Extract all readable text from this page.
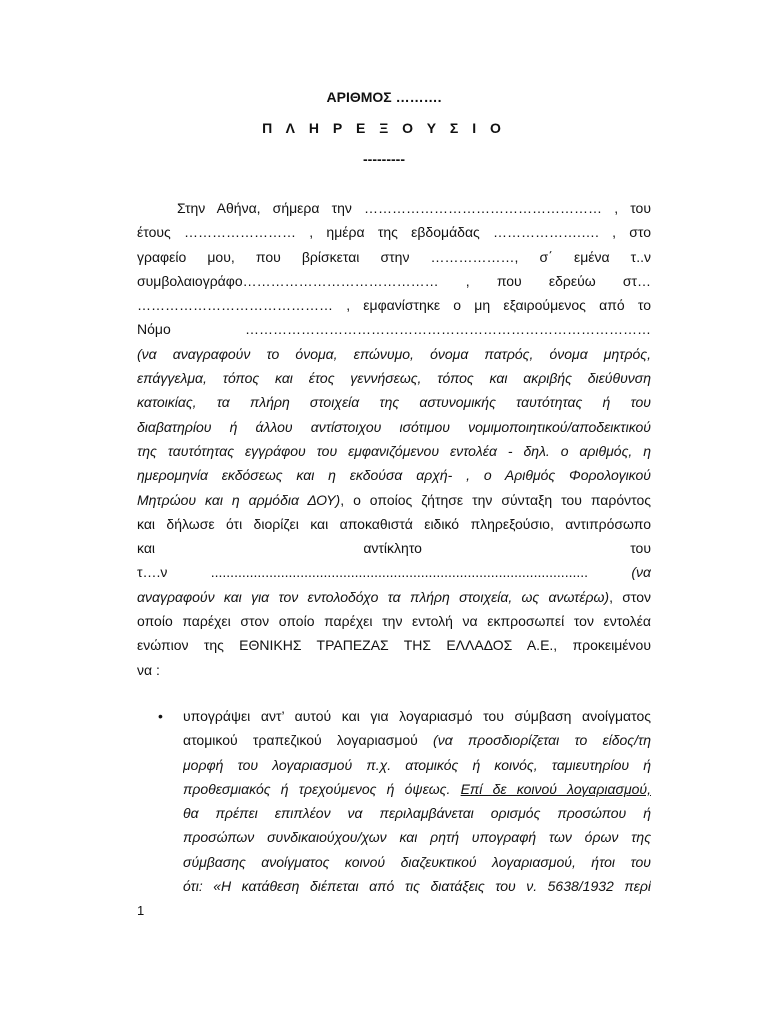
ΑΡΙΘΜΟΣ ……….
Π Λ Η Ρ Ε Ξ Ο Υ Σ Ι Ο
---------
Στην Αθήνα, σήμερα την …………………………………………… , του
έτους …………………… , ημέρα της εβδομάδας ……………….…. , στο
γραφείο μου, που βρίσκεται στην ………………, σ΄ εμένα τ..ν
συμβολαιογράφο…………………………………… , που εδρεύω στ…
…………………………………… , εμφανίστηκε ο μη εξαιρούμενος από το
Νόμο ……………………………………………………………………………
(να αναγραφούν το όνομα, επώνυμο, όνομα πατρός, όνομα μητρός,
επάγγελμα, τόπος και έτος γεννήσεως, τόπος και ακριβής διεύθυνση
κατοικίας, τα πλήρη στοιχεία της αστυνομικής ταυτότητας ή του
διαβατηρίου ή άλλου αντίστοιχου ισότιμου νομιμοποιητικού/αποδεικτικού
της ταυτότητας εγγράφου του εμφανιζόμενου εντολέα - δηλ. ο αριθμός, η
ημερομηνία εκδόσεως και η εκδούσα αρχή- , ο Αριθμός Φορολογικού
Μητρώου και η αρμόδια ΔΟΥ), ο οποίος ζήτησε την σύνταξη του παρόντος
και δήλωσε ότι διορίζει και αποκαθιστά ειδικό πληρεξούσιο, αντιπρόσωπο
και	αντίκλητο	του
τ….ν	.................................................................................................	(να
αναγραφούν και για τον εντολοδόχο τα πλήρη στοιχεία, ως ανωτέρω), στον
οποίο παρέχει στον οποίο παρέχει την εντολή να εκπροσωπεί τον εντολέα
ενώπιον της ΕΘΝΙΚΗΣ ΤΡΑΠΕΖΑΣ ΤΗΣ ΕΛΛΑΔΟΣ Α.Ε., προκειμένου
να :
• υπογράψει αντ’ αυτού και για λογαριασμό του σύμβαση ανοίγματος
ατομικού τραπεζικού λογαριασμού (να προσδιορίζεται το είδος/τη
μορφή του λογαριασμού π.χ. ατομικός ή κοινός, ταμιευτηρίου ή
προθεσμιακός ή τρεχούμενος ή όψεως. Επί δε κοινού λογαριασμού,
θα πρέπει επιπλέον να περιλαμβάνεται ορισμός προσώπου ή
προσώπων συνδικαιούχου/χων και ρητή υπογραφή των όρων της
σύμβασης ανοίγματος κοινού διαζευκτικού λογαριασμού, ήτοι του
ότι: «Η κατάθεση διέπεται από τις διατάξεις του ν. 5638/1932 περί
1
